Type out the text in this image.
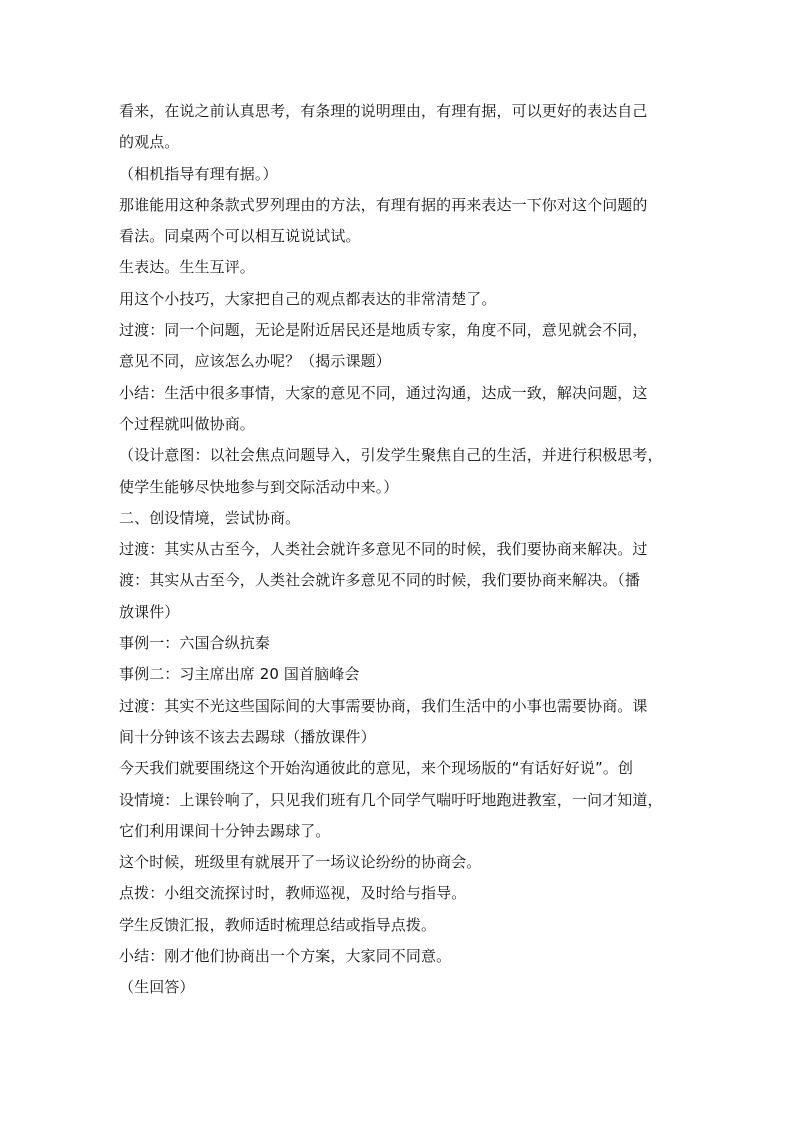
看来，在说之前认真思考，有条理的说明理由，有理有据，可以更好的表达自己
的观点。
（相机指导有理有据。）
那谁能用这种条款式罗列理由的方法，有理有据的再来表达一下你对这个问题的
看法。同桌两个可以相互说说试试。
生表达。生生互评。
用这个小技巧，大家把自己的观点都表达的非常清楚了。
过渡：同一个问题，无论是附近居民还是地质专家，角度不同，意见就会不同，
意见不同，应该怎么办呢？（揭示课题）
小结：生活中很多事情，大家的意见不同，通过沟通，达成一致，解决问题，这
个过程就叫做协商。
（设计意图：以社会焦点问题导入，引发学生聚焦自己的生活，并进行积极思考，
使学生能够尽快地参与到交际活动中来。）
二、创设情境，尝试协商。
过渡：其实从古至今，人类社会就许多意见不同的时候，我们要协商来解决。过
渡：其实从古至今，人类社会就许多意见不同的时候，我们要协商来解决。（播
放课件）
事例一：六国合纵抗秦
事例二：习主席出席 20 国首脑峰会
过渡：其实不光这些国际间的大事需要协商，我们生活中的小事也需要协商。课
间十分钟该不该去去踢球（播放课件）
今天我们就要围绕这个开始沟通彼此的意见，来个现场版的“有话好好说”。创
设情境：上课铃响了，只见我们班有几个同学气喘吁吁地跑进教室，一问才知道，
它们利用课间十分钟去踢球了。
这个时候，班级里有就展开了一场议论纷纷的协商会。
点拨：小组交流探讨时，教师巡视，及时给与指导。
学生反馈汇报，教师适时梳理总结或指导点拨。
小结：刚才他们协商出一个方案，大家同不同意。
（生回答）
